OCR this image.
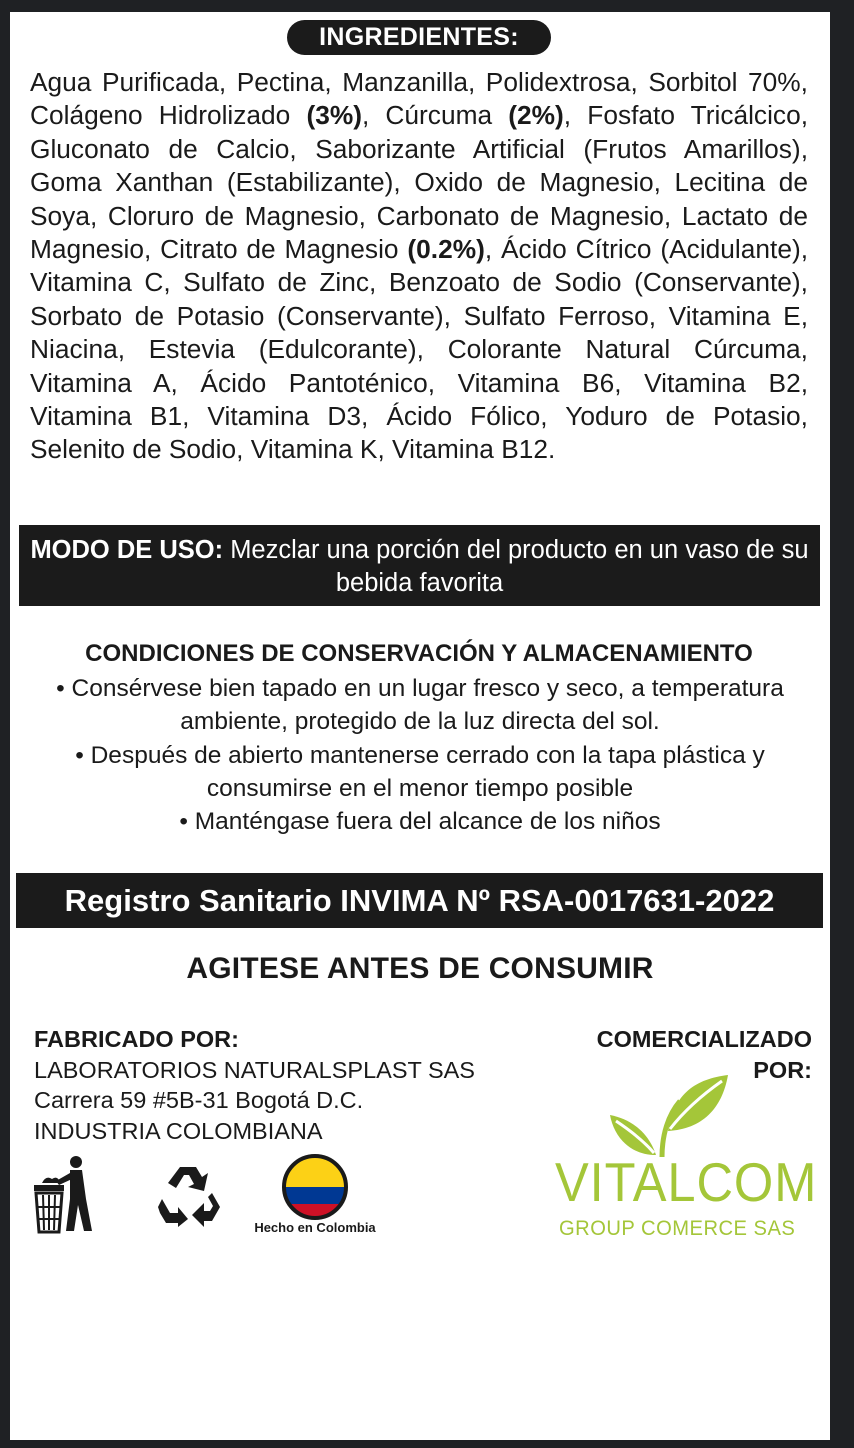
INGREDIENTES:

Agua Purificada, Pectina, Manzanilla, Polidextrosa, Sorbitol 70%, Colágeno Hidrolizado (3%), Cúrcuma (2%), Fosfato Tricálcico, Gluconato de Calcio, Saborizante Artificial (Frutos Amarillos), Goma Xanthan (Estabilizante), Oxido de Magnesio, Lecitina de Soya, Cloruro de Magnesio, Carbonato de Magnesio, Lactato de Magnesio, Citrato de Magnesio (0.2%), Ácido Cítrico (Acidulante), Vitamina C, Sulfato de Zinc, Benzoato de Sodio (Conservante), Sorbato de Potasio (Conservante), Sulfato Ferroso, Vitamina E, Niacina, Estevia (Edulcorante), Colorante Natural Cúrcuma, Vitamina A, Ácido Pantoténico, Vitamina B6, Vitamina B2, Vitamina B1, Vitamina D3, Ácido Fólico, Yoduro de Potasio, Selenito de Sodio, Vitamina K, Vitamina B12.

MODO DE USO: Mezclar una porción del producto en un vaso de su bebida favorita
CONDICIONES DE CONSERVACIÓN Y ALMACENAMIENTO
• Consérvese bien tapado en un lugar fresco y seco, a temperatura ambiente, protegido de la luz directa del sol.
• Después de abierto mantenerse cerrado con la tapa plástica y consumirse en el menor tiempo posible
• Manténgase fuera del alcance de los niños
Registro Sanitario INVIMA Nº RSA-0017631-2022
AGITESE ANTES DE CONSUMIR
FABRICADO POR:
LABORATORIOS NATURALSPLAST SAS
Carrera 59 #5B-31 Bogotá D.C.
INDUSTRIA COLOMBIANA
COMERCIALIZADO
POR:
Hecho en Colombia
VITALCOM
GROUP COMERCE SAS
